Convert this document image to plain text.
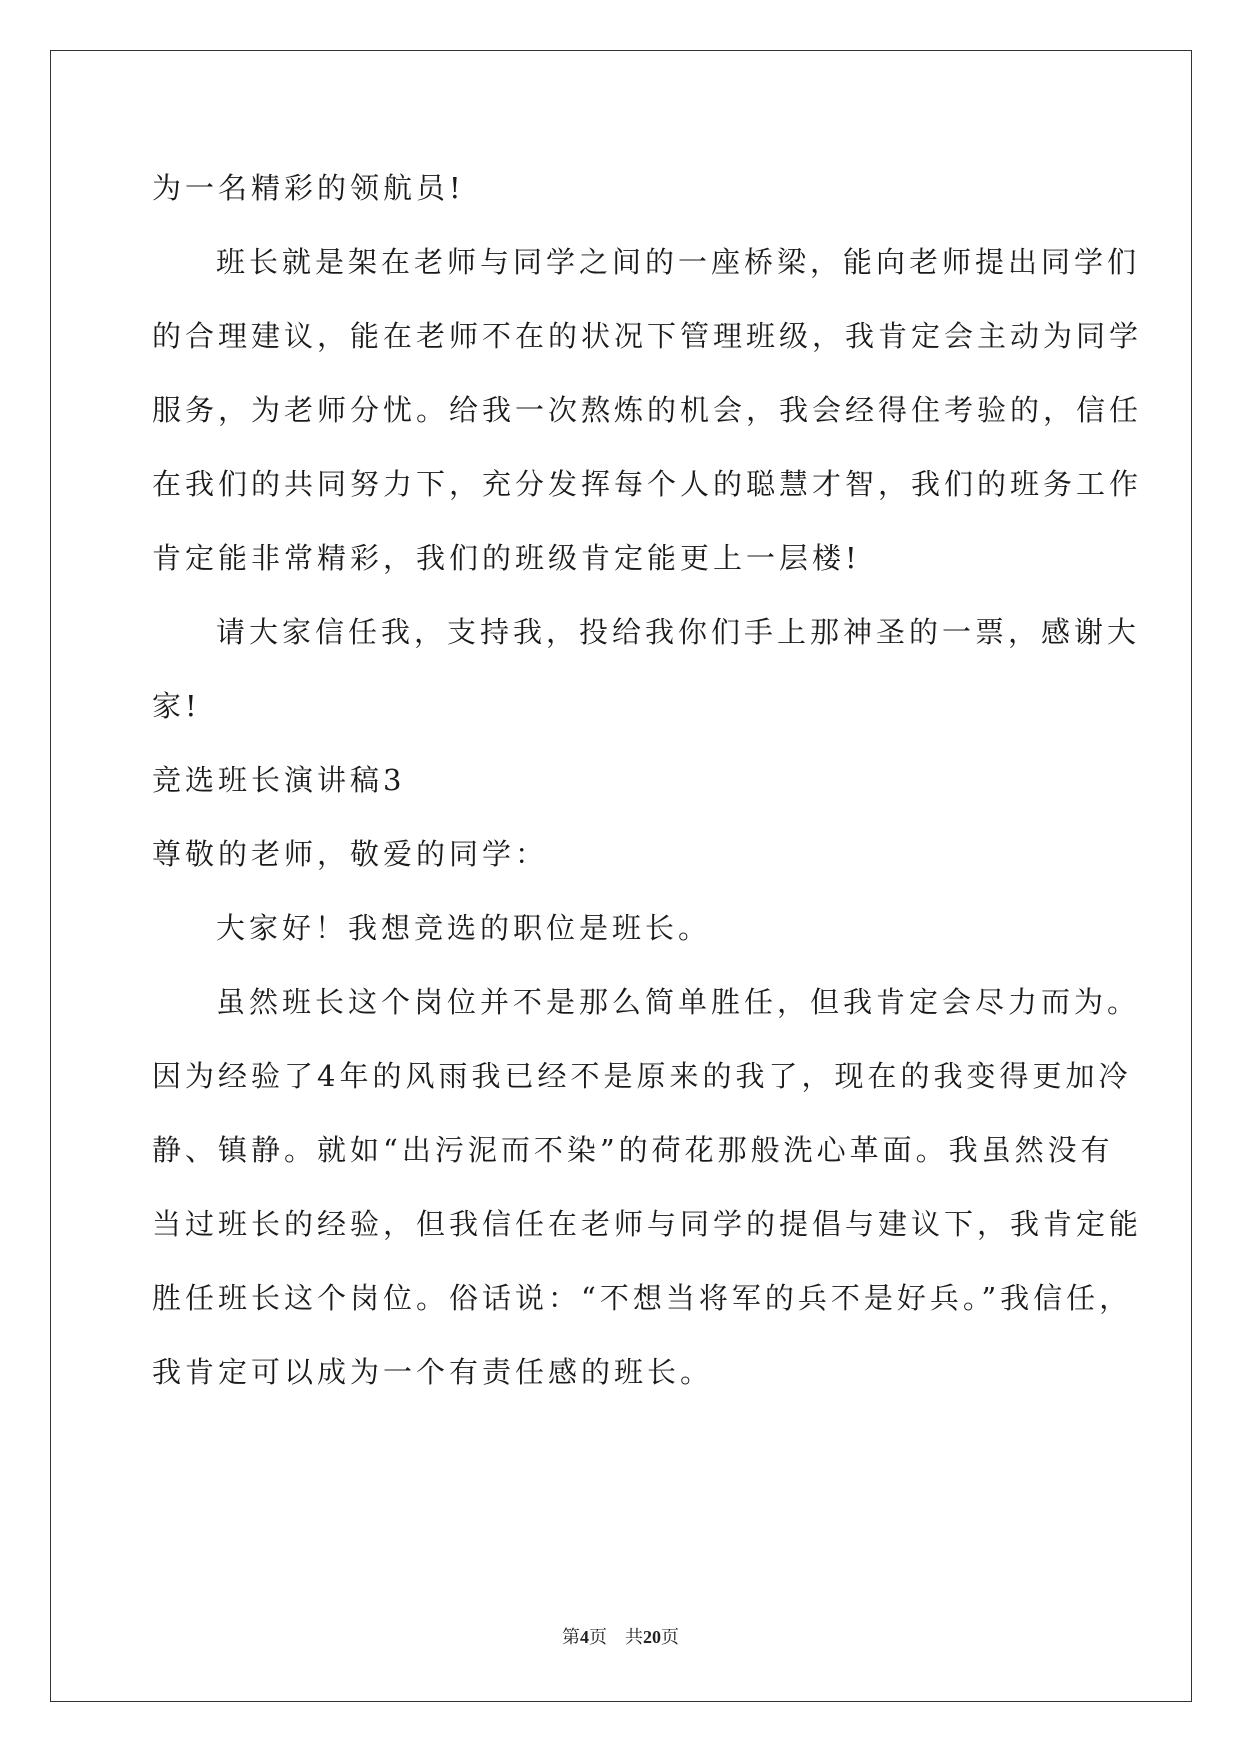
为一名精彩的领航员!
班长就是架在老师与同学之间的一座桥梁，能向老师提出同学们
的合理建议，能在老师不在的状况下管理班级，我肯定会主动为同学
服务，为老师分忧。给我一次熬炼的机会，我会经得住考验的，信任
在我们的共同努力下，充分发挥每个人的聪慧才智，我们的班务工作
肯定能非常精彩，我们的班级肯定能更上一层楼!
请大家信任我，支持我，投给我你们手上那神圣的一票，感谢大
家!
竞选班长演讲稿3
尊敬的老师，敬爱的同学：
大家好！我想竞选的职位是班长。
虽然班长这个岗位并不是那么简单胜任，但我肯定会尽力而为。
因为经验了4年的风雨我已经不是原来的我了，现在的我变得更加冷
静、镇静。就如“出污泥而不染”的荷花那般洗心革面。我虽然没有
当过班长的经验，但我信任在老师与同学的提倡与建议下，我肯定能
胜任班长这个岗位。俗话说：“不想当将军的兵不是好兵。”我信任，
我肯定可以成为一个有责任感的班长。
第4页　共20页
